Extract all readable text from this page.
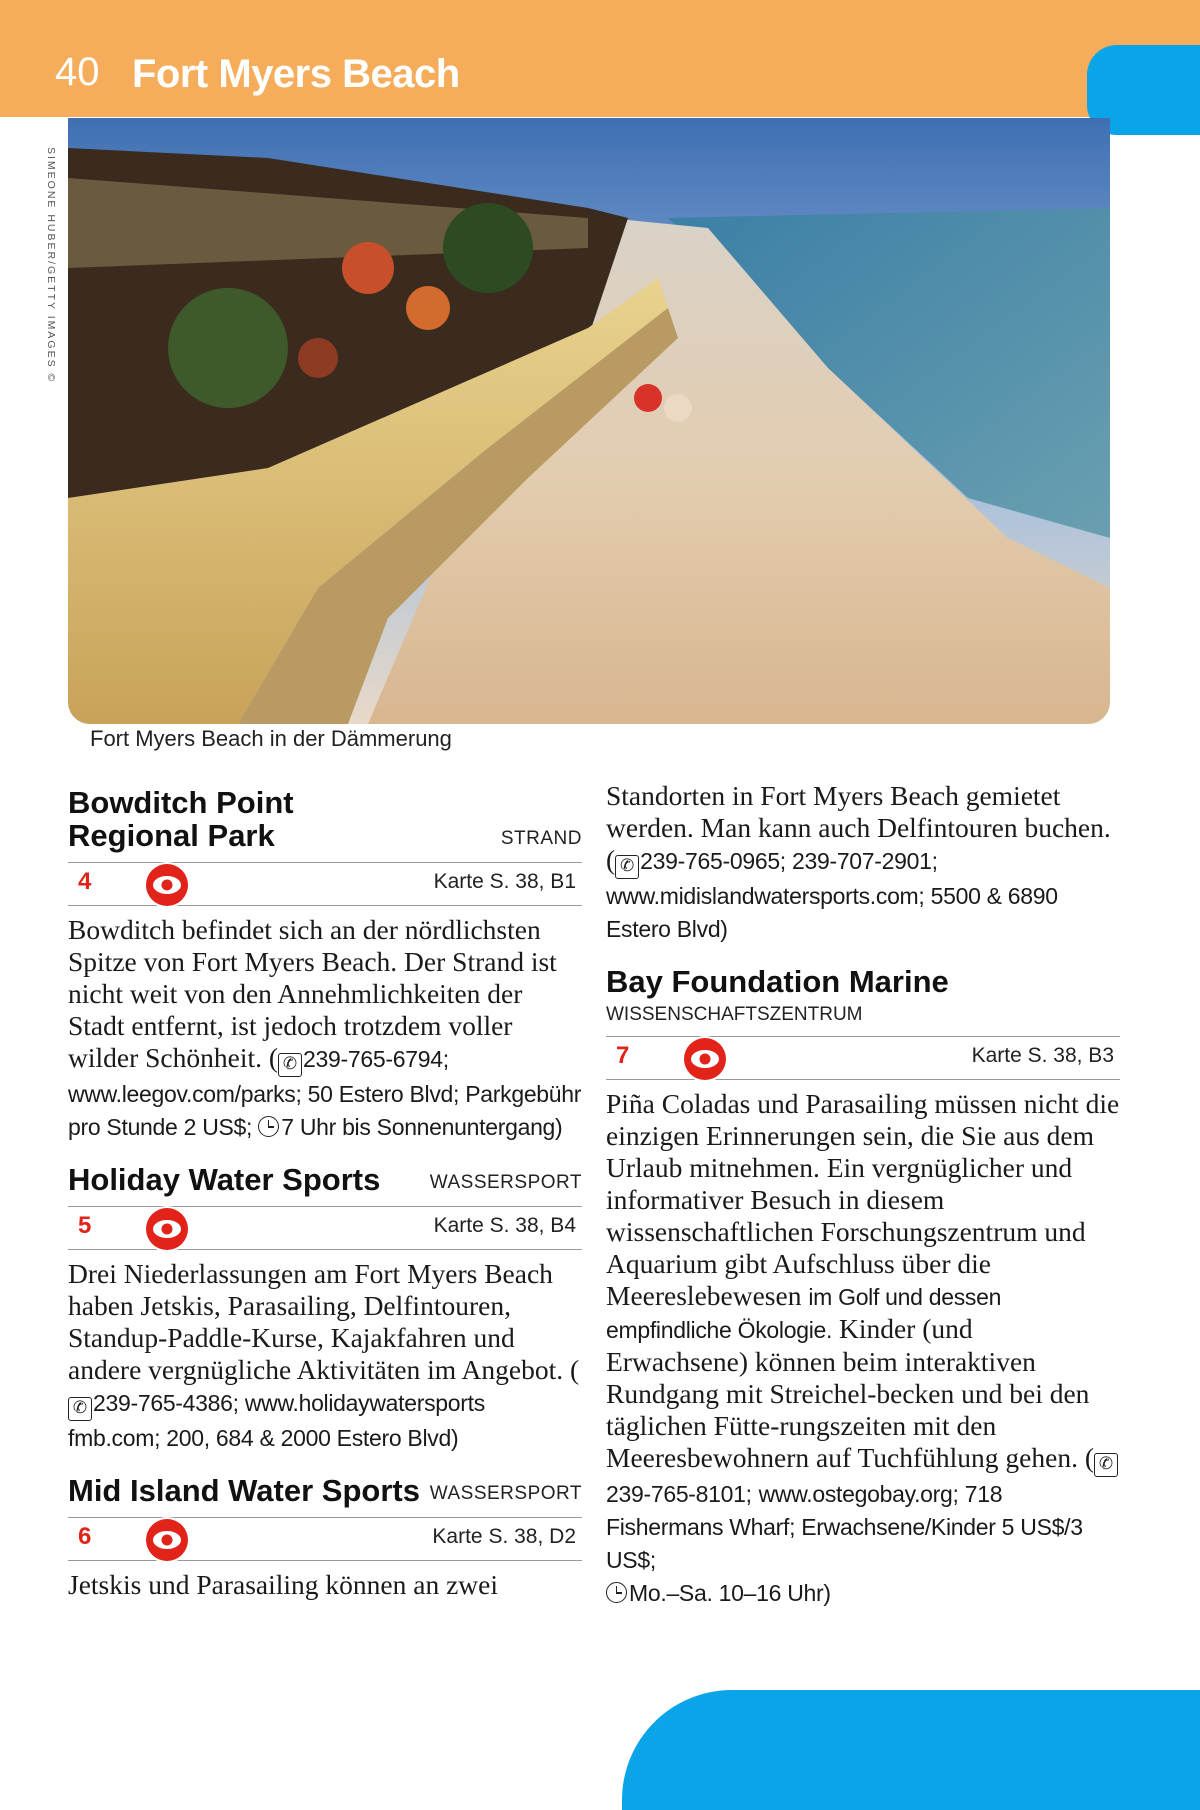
40 Fort Myers Beach
SIMEONE HUBER/GETTY IMAGES ©
Fort Myers Beach in der Dämmerung
Bowditch Point Regional Park	STRAND
4	Karte S. 38, B1
Bowditch befindet sich an der nördlichsten Spitze von Fort Myers Beach. Der Strand ist nicht weit von den Annehmlichkeiten der Stadt entfernt, ist jedoch trotzdem voller wilder Schönheit. ( ✆ 239-765-6794; www.leegov.com/parks; 50 Estero Blvd; Parkgebühr pro Stunde 2 US$; 7 Uhr bis Sonnenuntergang)
Holiday Water Sports	WASSERSPORT
5	Karte S. 38, B4
Drei Niederlassungen am Fort Myers Beach haben Jetskis, Parasailing, Delfintouren, Standup-Paddle-Kurse, Kajakfahren und andere vergnügliche Aktivitäten im Angebot. (✆ 239-765-4386; www.holidaywatersports fmb.com; 200, 684 & 2000 Estero Blvd)
Mid Island Water Sports WASSERSPORT
6	Karte S. 38, D2
Jetskis und Parasailing können an zwei
Standorten in Fort Myers Beach gemietet werden. Man kann auch Delfintouren buchen. ( ✆ 239-765-0965; 239-707-2901; www.midislandwatersports.com; 5500 & 6890 Estero Blvd)
Bay Foundation Marine
WISSENSCHAFTSZENTRUM
7	Karte S. 38, B3
Piña Coladas und Parasailing müssen nicht die einzigen Erinnerungen sein, die Sie aus dem Urlaub mitnehmen. Ein vergnüglicher und informativer Besuch in diesem wissenschaftlichen Forschungszentrum und Aquarium gibt Aufschluss über die Meereslebewesen im Golf und dessen empfindliche Ökologie. Kinder (und Erwachsene) können beim interaktiven Rundgang mit Streichel-becken und bei den täglichen Fütte-rungszeiten mit den Meeresbewohnern auf Tuchfühlung gehen. ( ✆239-765-8101; www.ostegobay.org; 718 Fishermans Wharf; Erwachsene/Kinder 5 US$/3 US$;
Mo.–Sa. 10–16 Uhr)
